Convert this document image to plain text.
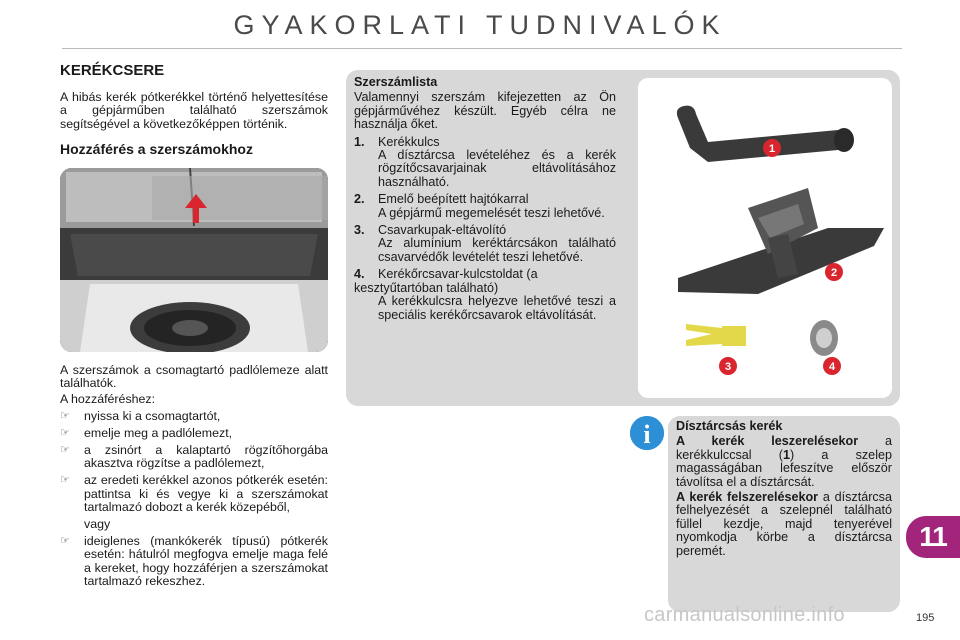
GYAKORLATI TUDNIVALÓK
KERÉKCSERE

A hibás kerék pótkerékkel történő helyettesítése a gépjárműben található szerszámok segítségével a következőképpen történik.

Hozzáférés a szerszámokhoz

A szerszámok a csomagtartó padlólemeze alatt találhatók.

A hozzáféréshez:

☞ nyissa ki a csomagtartót,
☞ emelje meg a padlólemezt,
☞ a zsinórt a kalaptartó rögzítőhorgába akasztva rögzítse a padlólemezt,
☞ az eredeti kerékkel azonos pótkerék esetén: pattintsa ki és vegye ki a szerszámokat tartalmazó dobozt a kerék közepéből,
vagy
☞ ideiglenes (mankókerék típusú) pótkerék esetén: hátulról megfogva emelje maga felé a kereket, hogy hozzáférjen a szerszámokat tartalmazó rekeszhez.
Szerszámlista
Valamennyi szerszám kifejezetten az Ön gépjárművéhez készült. Egyéb célra ne használja őket.
1. Kerékkulcs
A dísztárcsa levételéhez és a kerék rögzítőcsavarjainak eltávolításához használható.
2. Emelő beépített hajtókarral
A gépjármű megemelését teszi lehetővé.
3. Csavarkupak-eltávolító
Az alumínium keréktárcsákon található csavarvédők levételét teszi lehetővé.
4. Kerékőrcsavar-kulcstoldat (a kesztyűtartóban található)
A kerékkulcsra helyezve lehetővé teszi a speciális kerékőrcsavarok eltávolítását.
1
2
3	4
i Dísztárcsás kerék
A kerék leszerelésekor a kerékkulccsal (1) a szelep magasságában lefeszítve először távolítsa el a dísztárcsát.
A kerék felszerelésekor a dísztárcsa felhelyezését a szelepnél található füllel kezdje, majd tenyerével nyomkodja körbe a dísztárcsa peremét.	11
carmanualsonline.info	195
